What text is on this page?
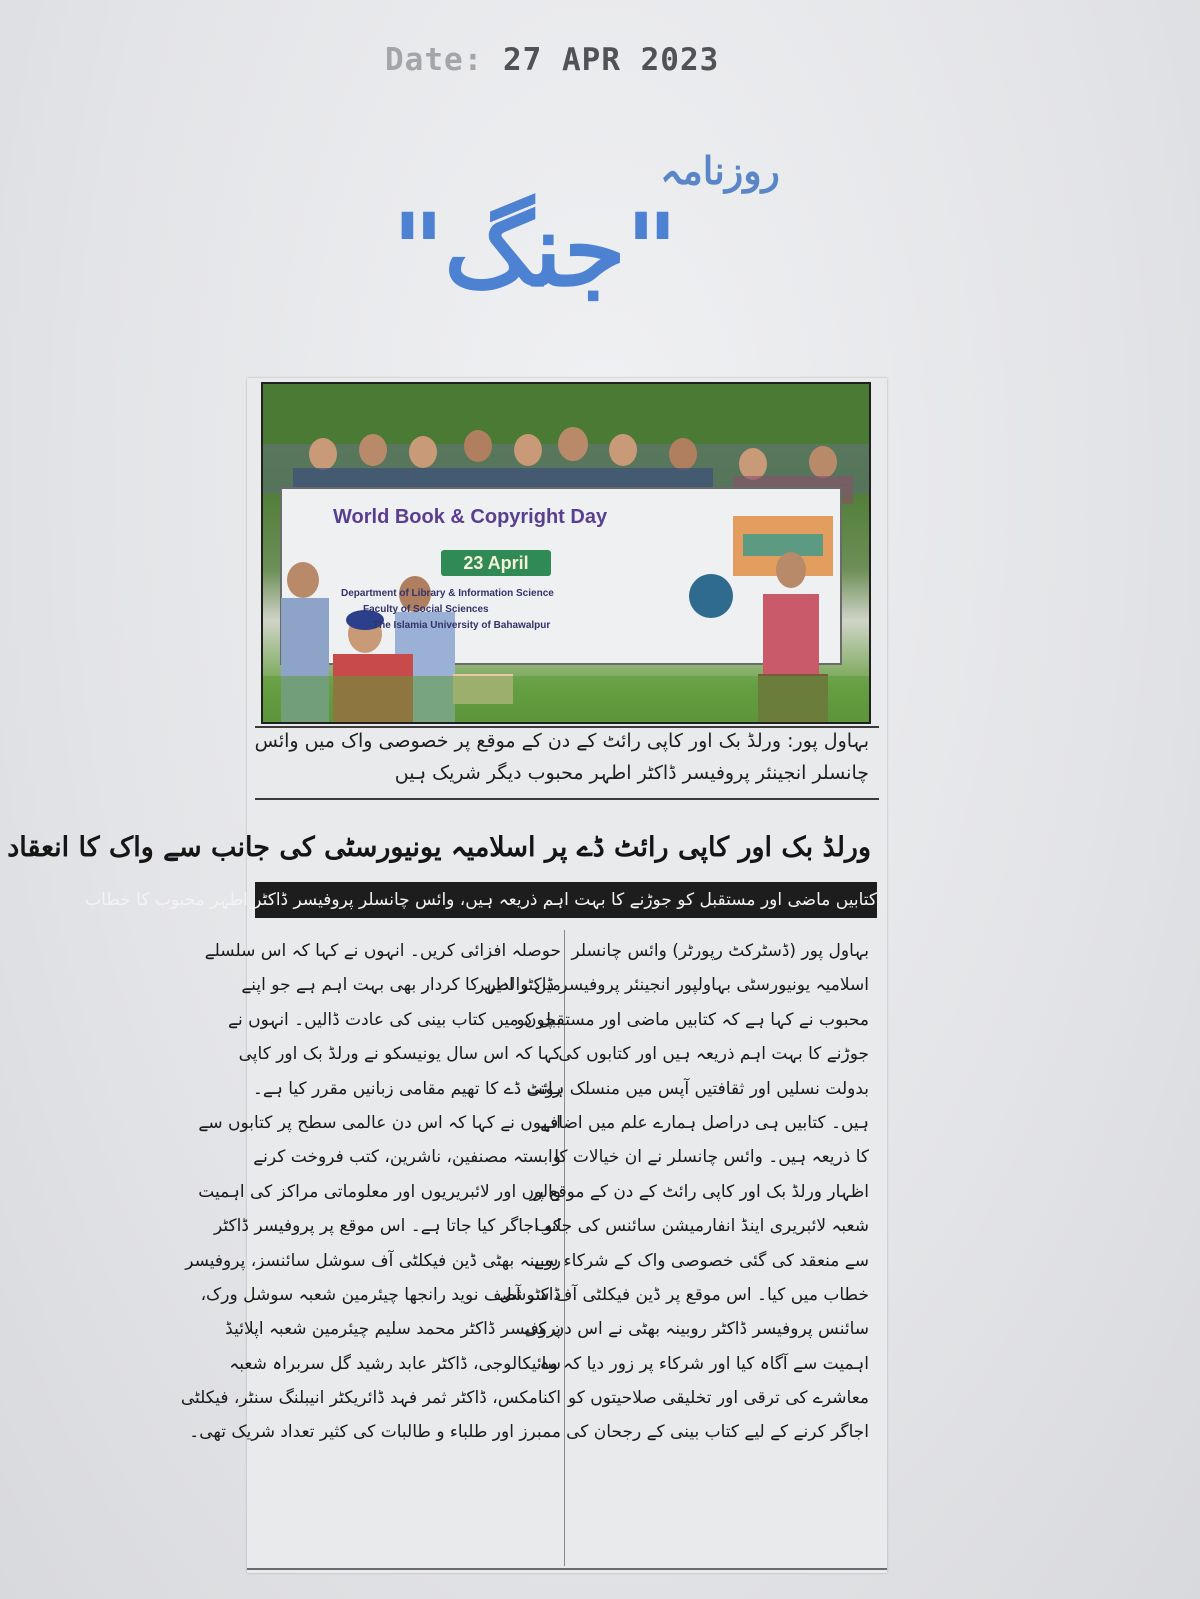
Date: 27 APR 2023
روزنامہ
"جنگ"
World Book & Copyright Day
23 April
Department of Library & Information Science
Faculty of Social Sciences
The Islamia University of Bahawalpur
بہاول پور: ورلڈ بک اور کاپی رائٹ کے دن کے موقع پر خصوصی واک میں وائس
چانسلر انجینئر پروفیسر ڈاکٹر اطہر محبوب دیگر شریک ہیں
ورلڈ بک اور کاپی رائٹ ڈے پر اسلامیہ یونیورسٹی کی جانب سے واک کا انعقاد
کتابیں ماضی اور مستقبل کو جوڑنے کا بہت اہم ذریعہ ہیں، وائس چانسلر پروفیسر ڈاکٹر اطہر محبوب کا خطاب
بہاول پور (ڈسٹرکٹ رپورٹر) وائس چانسلر
اسلامیہ یونیورسٹی بہاولپور انجینئر پروفیسر ڈاکٹر اطہر
محبوب نے کہا ہے کہ کتابیں ماضی اور مستقبل کو
جوڑنے کا بہت اہم ذریعہ ہیں اور کتابوں کی
بدولت نسلیں اور ثقافتیں آپس میں منسلک ہوتی
ہیں۔ کتابیں ہی دراصل ہمارے علم میں اضافے
کا ذریعہ ہیں۔ وائس چانسلر نے ان خیالات کا
اظہار ورلڈ بک اور کاپی رائٹ کے دن کے موقع پر
شعبہ لائبریری اینڈ انفارمیشن سائنس کی جانب
سے منعقد کی گئی خصوصی واک کے شرکاء سے
خطاب میں کیا۔ اس موقع پر ڈین فیکلٹی آف سوشل
سائنس پروفیسر ڈاکٹر روبینہ بھٹی نے اس دن کی
اہمیت سے آگاہ کیا اور شرکاء پر زور دیا کہ وہ
معاشرے کی ترقی اور تخلیقی صلاحیتوں کو
اجاگر کرنے کے لیے کتاب بینی کے رجحان کی
حوصلہ افزائی کریں۔ انہوں نے کہا کہ اس سلسلے
میں والدین کا کردار بھی بہت اہم ہے جو اپنے
بچوں میں کتاب بینی کی عادت ڈالیں۔ انہوں نے
کہا کہ اس سال یونیسکو نے ورلڈ بک اور کاپی
رائٹ ڈے کا تھیم مقامی زبانیں مقرر کیا ہے۔
انہوں نے کہا کہ اس دن عالمی سطح پر کتابوں سے
وابستہ مصنفین، ناشرین، کتب فروخت کرنے
والوں اور لائبریریوں اور معلوماتی مراکز کی اہمیت
کو اجاگر کیا جاتا ہے۔ اس موقع پر پروفیسر ڈاکٹر
روبینہ بھٹی ڈین فیکلٹی آف سوشل سائنسز، پروفیسر
ڈاکٹر آصف نوید رانجھا چیئرمین شعبہ سوشل ورک،
پروفیسر ڈاکٹر محمد سلیم چیئرمین شعبہ اپلائیڈ
سائیکالوجی، ڈاکٹر عابد رشید گل سربراہ شعبہ
اکنامکس، ڈاکٹر ثمر فہد ڈائریکٹر انیبلنگ سنٹر، فیکلٹی
ممبرز اور طلباء و طالبات کی کثیر تعداد شریک تھی۔
